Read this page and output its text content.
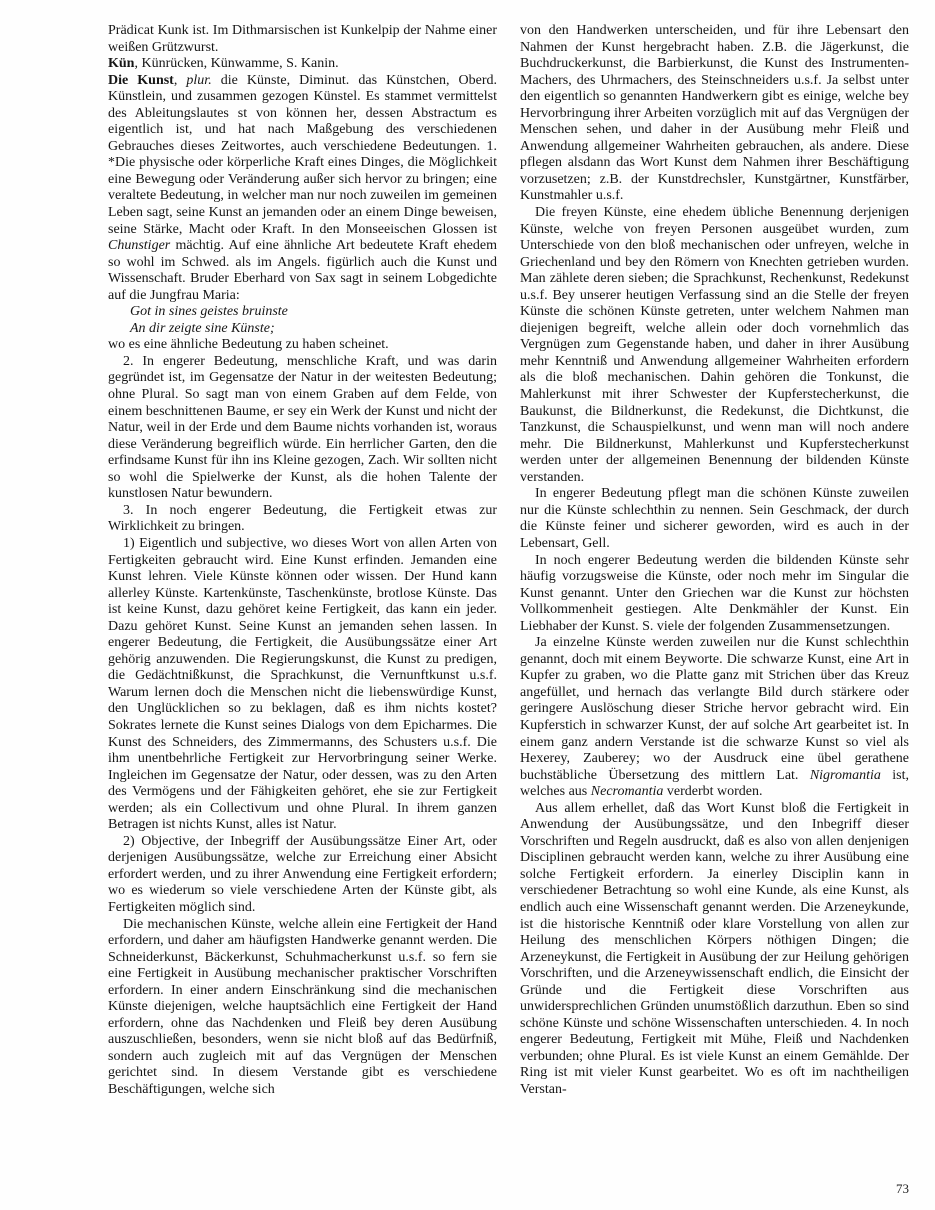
Prädicat Kunk ist. Im Dithmarsischen ist Kunkelpip der Nahme einer weißen Grützwurst.

Kün, Künrücken, Künwamme, S. Kanin.

Die Kunst, plur. die Künste, Diminut. das Künstchen, Oberd. Künstlein, und zusammen gezogen Künstel. Es stammet vermittelst des Ableitungslautes st von können her, dessen Abstractum es eigentlich ist, und hat nach Maßgebung des verschiedenen Gebrauches dieses Zeitwortes, auch verschiedene Bedeutungen. 1. *Die physische oder körperliche Kraft eines Dinges, die Möglichkeit eine Bewegung oder Veränderung außer sich hervor zu bringen; eine veraltete Bedeutung, in welcher man nur noch zuweilen im gemeinen Leben sagt, seine Kunst an jemanden oder an einem Dinge beweisen, seine Stärke, Macht oder Kraft. In den Monseeischen Glossen ist Chunstiger mächtig. Auf eine ähnliche Art bedeutete Kraft ehedem so wohl im Schwed. als im Angels. figürlich auch die Kunst und Wissenschaft. Bruder Eberhard von Sax sagt in seinem Lobgedichte auf die Jungfrau Maria:

Got in sines geistes bruinste
An dir zeigte sine Künste;

wo es eine ähnliche Bedeutung zu haben scheinet.

2. In engerer Bedeutung, menschliche Kraft, und was darin gegründet ist, im Gegensatze der Natur in der weitesten Bedeutung; ohne Plural. So sagt man von einem Graben auf dem Felde, von einem beschnittenen Baume, er sey ein Werk der Kunst und nicht der Natur, weil in der Erde und dem Baume nichts vorhanden ist, woraus diese Veränderung begreiflich würde. Ein herrlicher Garten, den die erfindsame Kunst für ihn ins Kleine gezogen, Zach. Wir sollten nicht so wohl die Spielwerke der Kunst, als die hohen Talente der kunstlosen Natur bewundern.

3. In noch engerer Bedeutung, die Fertigkeit etwas zur Wirklichkeit zu bringen.

1) Eigentlich und subjective, wo dieses Wort von allen Arten von Fertigkeiten gebraucht wird. Eine Kunst erfinden. Jemanden eine Kunst lehren. Viele Künste können oder wissen. Der Hund kann allerley Künste. Kartenkünste, Taschenkünste, brotlose Künste. Das ist keine Kunst, dazu gehöret keine Fertigkeit, das kann ein jeder. Dazu gehöret Kunst. Seine Kunst an jemanden sehen lassen. In engerer Bedeutung, die Fertigkeit, die Ausübungssätze einer Art gehörig anzuwenden. Die Regierungskunst, die Kunst zu predigen, die Gedächtnißkunst, die Sprachkunst, die Vernunftkunst u.s.f. Warum lernen doch die Menschen nicht die liebenswürdige Kunst, den Unglücklichen so zu beklagen, daß es ihm nichts kostet? Sokrates lernete die Kunst seines Dialogs von dem Epicharmes. Die Kunst des Schneiders, des Zimmermanns, des Schusters u.s.f. Die ihm unentbehrliche Fertigkeit zur Hervorbringung seiner Werke. Ingleichen im Gegensatze der Natur, oder dessen, was zu den Arten des Vermögens und der Fähigkeiten gehöret, ehe sie zur Fertigkeit werden; als ein Collectivum und ohne Plural. In ihrem ganzen Betragen ist nichts Kunst, alles ist Natur.

2) Objective, der Inbegriff der Ausübungssätze Einer Art, oder derjenigen Ausübungssätze, welche zur Erreichung einer Absicht erfordert werden, und zu ihrer Anwendung eine Fertigkeit erfordern; wo es wiederum so viele verschiedene Arten der Künste gibt, als Fertigkeiten möglich sind.

Die mechanischen Künste, welche allein eine Fertigkeit der Hand erfordern, und daher am häufigsten Handwerke genannt werden. Die Schneiderkunst, Bäckerkunst, Schuhmacherkunst u.s.f. so fern sie eine Fertigkeit in Ausübung mechanischer praktischer Vorschriften erfordern. In einer andern Einschränkung sind die mechanischen Künste diejenigen, welche hauptsächlich eine Fertigkeit der Hand erfordern, ohne das Nachdenken und Fleiß bey deren Ausübung auszuschließen, besonders, wenn sie nicht bloß auf das Bedürfniß, sondern auch zugleich mit auf das Vergnügen der Menschen gerichtet sind. In diesem Verstande gibt es verschiedene Beschäftigungen, welche sich

von den Handwerken unterscheiden, und für ihre Lebensart den Nahmen der Kunst hergebracht haben. Z.B. die Jägerkunst, die Buchdruckerkunst, die Barbierkunst, die Kunst des Instrumenten-Machers, des Uhrmachers, des Steinschneiders u.s.f. Ja selbst unter den eigentlich so genannten Handwerkern gibt es einige, welche bey Hervorbringung ihrer Arbeiten vorzüglich mit auf das Vergnügen der Menschen sehen, und daher in der Ausübung mehr Fleiß und Anwendung allgemeiner Wahrheiten gebrauchen, als andere. Diese pflegen alsdann das Wort Kunst dem Nahmen ihrer Beschäftigung vorzusetzen; z.B. der Kunstdrechsler, Kunstgärtner, Kunstfärber, Kunstmahler u.s.f.

Die freyen Künste, eine ehedem übliche Benennung derjenigen Künste, welche von freyen Personen ausgeübet wurden, zum Unterschiede von den bloß mechanischen oder unfreyen, welche in Griechenland und bey den Römern von Knechten getrieben wurden. Man zählete deren sieben; die Sprachkunst, Rechenkunst, Redekunst u.s.f. Bey unserer heutigen Verfassung sind an die Stelle der freyen Künste die schönen Künste getreten, unter welchem Nahmen man diejenigen begreift, welche allein oder doch vornehmlich das Vergnügen zum Gegenstande haben, und daher in ihrer Ausübung mehr Kenntniß und Anwendung allgemeiner Wahrheiten erfordern als die bloß mechanischen. Dahin gehören die Tonkunst, die Mahlerkunst mit ihrer Schwester der Kupferstecherkunst, die Baukunst, die Bildnerkunst, die Redekunst, die Dichtkunst, die Tanzkunst, die Schauspielkunst, und wenn man will noch andere mehr. Die Bildnerkunst, Mahlerkunst und Kupferstecherkunst werden unter der allgemeinen Benennung der bildenden Künste verstanden.

In engerer Bedeutung pflegt man die schönen Künste zuweilen nur die Künste schlechthin zu nennen. Sein Geschmack, der durch die Künste feiner und sicherer geworden, wird es auch in der Lebensart, Gell.

In noch engerer Bedeutung werden die bildenden Künste sehr häufig vorzugsweise die Künste, oder noch mehr im Singular die Kunst genannt. Unter den Griechen war die Kunst zur höchsten Vollkommenheit gestiegen. Alte Denkmähler der Kunst. Ein Liebhaber der Kunst. S. viele der folgenden Zusammensetzungen.

Ja einzelne Künste werden zuweilen nur die Kunst schlechthin genannt, doch mit einem Beyworte. Die schwarze Kunst, eine Art in Kupfer zu graben, wo die Platte ganz mit Strichen über das Kreuz angefüllet, und hernach das verlangte Bild durch stärkere oder geringere Auslöschung dieser Striche hervor gebracht wird. Ein Kupferstich in schwarzer Kunst, der auf solche Art gearbeitet ist. In einem ganz andern Verstande ist die schwarze Kunst so viel als Hexerey, Zauberey; wo der Ausdruck eine übel gerathene buchstäbliche Übersetzung des mittlern Lat. Nigromantia ist, welches aus Necromantia verderbt worden.

Aus allem erhellet, daß das Wort Kunst bloß die Fertigkeit in Anwendung der Ausübungssätze, und den Inbegriff dieser Vorschriften und Regeln ausdruckt, daß es also von allen denjenigen Disciplinen gebraucht werden kann, welche zu ihrer Ausübung eine solche Fertigkeit erfordern. Ja einerley Disciplin kann in verschiedener Betrachtung so wohl eine Kunde, als eine Kunst, als endlich auch eine Wissenschaft genannt werden. Die Arzeneykunde, ist die historische Kenntniß oder klare Vorstellung von allen zur Heilung des menschlichen Körpers nöthigen Dingen; die Arzeneykunst, die Fertigkeit in Ausübung der zur Heilung gehörigen Vorschriften, und die Arzeneywissenschaft endlich, die Einsicht der Gründe und die Fertigkeit diese Vorschriften aus unwidersprechlichen Gründen unumstößlich darzuthun. Eben so sind schöne Künste und schöne Wissenschaften unterschieden. 4. In noch engerer Bedeutung, Fertigkeit mit Mühe, Fleiß und Nachdenken verbunden; ohne Plural. Es ist viele Kunst an einem Gemählde. Der Ring ist mit vieler Kunst gearbeitet. Wo es oft im nachtheiligen Verstan-

73
